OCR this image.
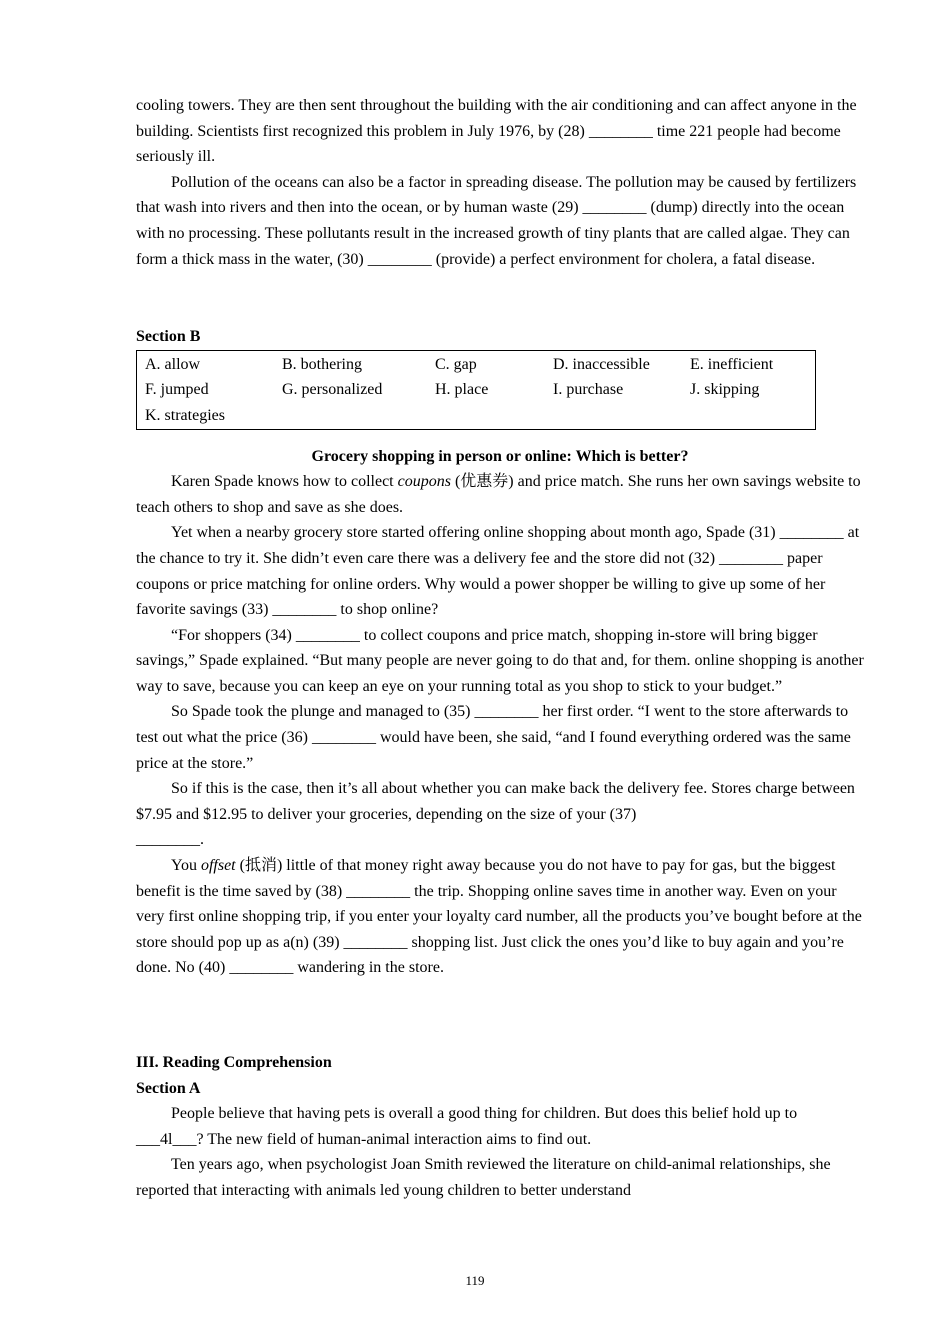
cooling towers. They are then sent throughout the building with the air conditioning and can affect anyone in the building. Scientists first recognized this problem in July 1976, by (28) ________ time 221 people had become seriously ill.

Pollution of the oceans can also be a factor in spreading disease. The pollution may be caused by fertilizers that wash into rivers and then into the ocean, or by human waste (29) ________ (dump) directly into the ocean with no processing. These pollutants result in the increased growth of tiny plants that are called algae. They can form a thick mass in the water, (30) ________ (provide) a perfect environment for cholera, a fatal disease.

Section B

A. allow	B. bothering	C. gap	D. inaccessible	E. inefficient
F. jumped	G. personalized	H. place	I. purchase	J. skipping
K. strategies

Grocery shopping in person or online: Which is better?

Karen Spade knows how to collect coupons (优惠券) and price match. She runs her own savings website to teach others to shop and save as she does.

Yet when a nearby grocery store started offering online shopping about month ago, Spade (31) ________ at the chance to try it. She didn’t even care there was a delivery fee and the store did not (32) ________ paper coupons or price matching for online orders. Why would a power shopper be willing to give up some of her favorite savings (33) ________ to shop online?

“For shoppers (34) ________ to collect coupons and price match, shopping in-store will bring bigger savings,” Spade explained. “But many people are never going to do that and, for them. online shopping is another way to save, because you can keep an eye on your running total as you shop to stick to your budget.”

So Spade took the plunge and managed to (35) ________ her first order. “I went to the store afterwards to test out what the price (36) ________ would have been, she said, “and I found everything ordered was the same price at the store.”

So if this is the case, then it’s all about whether you can make back the delivery fee. Stores charge between $7.95 and $12.95 to deliver your groceries, depending on the size of your (37)
________.

You offset (抵消) little of that money right away because you do not have to pay for gas, but the biggest benefit is the time saved by (38) ________ the trip. Shopping online saves time in another way. Even on your very first online shopping trip, if you enter your loyalty card number, all the products you’ve bought before at the store should pop up as a(n) (39) ________ shopping list. Just click the ones you’d like to buy again and you’re done. No (40) ________ wandering in the store.

III. Reading Comprehension

Section A

People believe that having pets is overall a good thing for children. But does this belief hold up to ___4l___? The new field of human-animal interaction aims to find out.

Ten years ago, when psychologist Joan Smith reviewed the literature on child-animal relationships, she reported that interacting with animals led young children to better understand

119
